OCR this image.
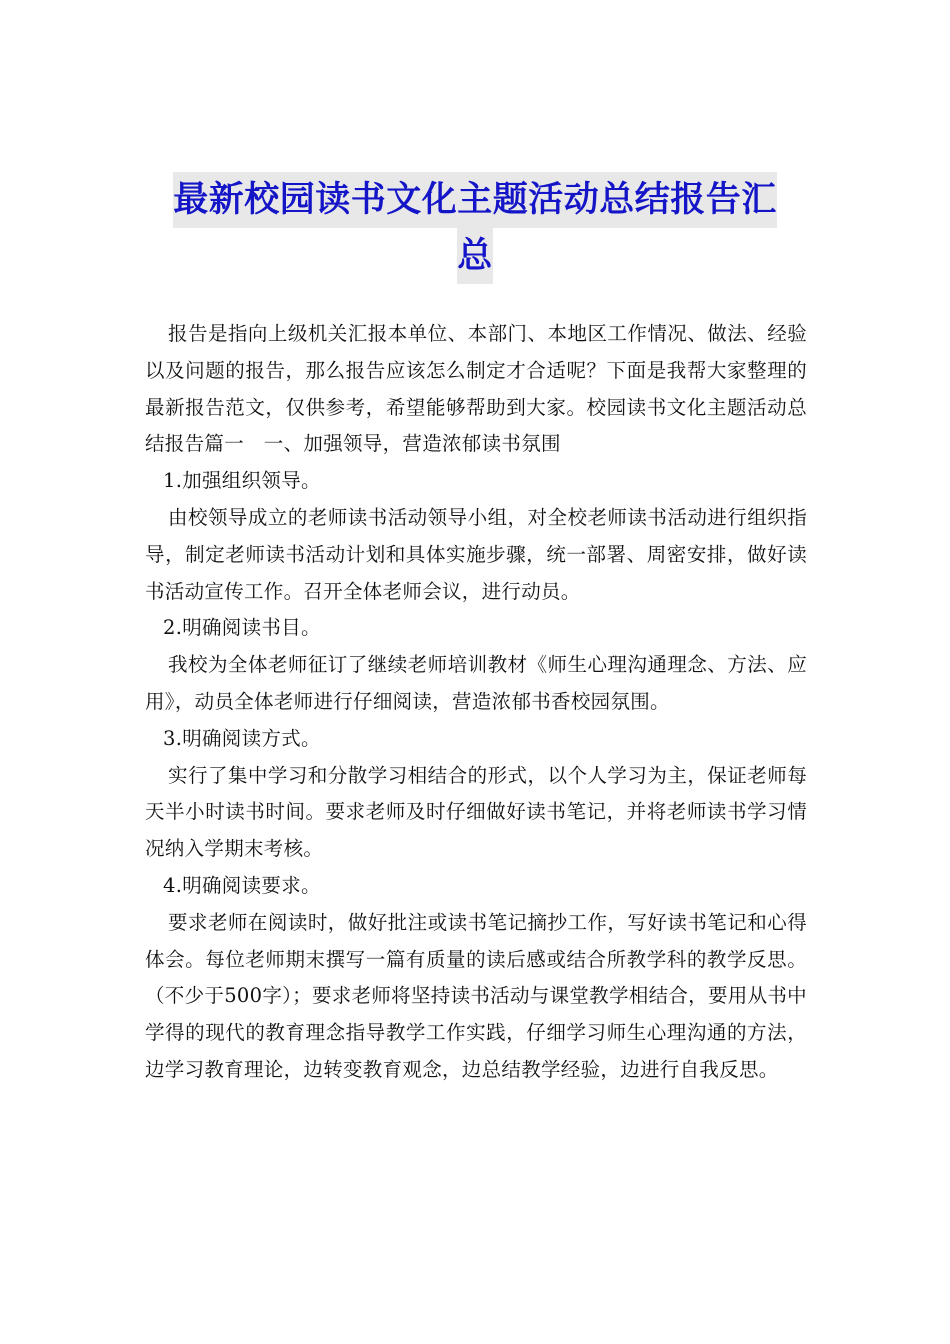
最新校园读书文化主题活动总结报告汇
总

报告是指向上级机关汇报本单位、本部门、本地区工作情况、做法、经验以及问题的报告，那么报告应该怎么制定才合适呢？下面是我帮大家整理的最新报告范文，仅供参考，希望能够帮助到大家。校园读书文化主题活动总结报告篇一　一、加强领导，营造浓郁读书氛围

1.加强组织领导。

由校领导成立的老师读书活动领导小组，对全校老师读书活动进行组织指导，制定老师读书活动计划和具体实施步骤，统一部署、周密安排，做好读书活动宣传工作。召开全体老师会议，进行动员。

2.明确阅读书目。

我校为全体老师征订了继续老师培训教材《师生心理沟通理念、方法、应用》，动员全体老师进行仔细阅读，营造浓郁书香校园氛围。

3.明确阅读方式。

实行了集中学习和分散学习相结合的形式，以个人学习为主，保证老师每天半小时读书时间。要求老师及时仔细做好读书笔记，并将老师读书学习情况纳入学期末考核。

4.明确阅读要求。

要求老师在阅读时，做好批注或读书笔记摘抄工作，写好读书笔记和心得体会。每位老师期末撰写一篇有质量的读后感或结合所教学科的教学反思。（不少于500字）；要求老师将坚持读书活动与课堂教学相结合，要用从书中学得的现代的教育理念指导教学工作实践，仔细学习师生心理沟通的方法，边学习教育理论，边转变教育观念，边总结教学经验，边进行自我反思。
